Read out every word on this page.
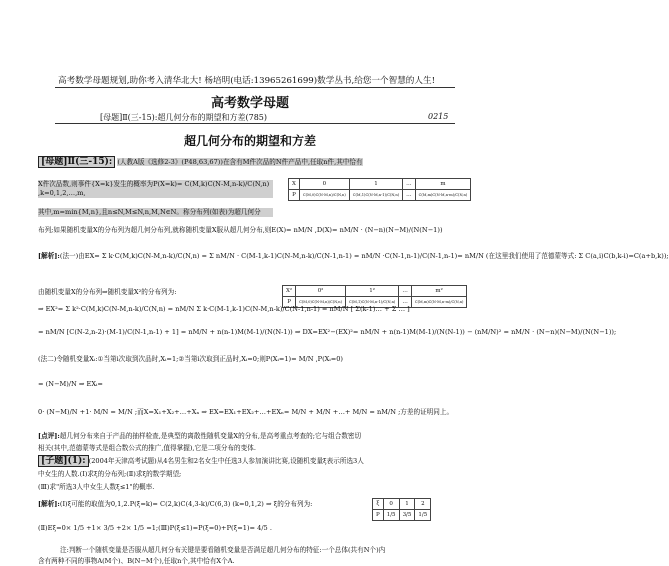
高考数学母题规划,助你考入清华北大! 杨培明(电话:13965261699)数学丛书,给您一个智慧的人生!
高考数学母题
[母题]Ⅱ(三-15):超几何分布的期望和方差(785)	0215
超几何分布的期望和方差
[母题]Ⅱ(三-15): (人教A版《选修2-3》(P48,63,67))在含有M件次品的N件产品中,任取n件,其中恰有
X件次品数,则事件{X=k}发生的概率为P(X=k)= C(M,k)C(N-M,n-k)/C(N,n) ,k=0,1,2,…,m,
其中,m=min{M,n},且n≤N,M≤N,n,M,N∈N。称分布列(如表)为超几何分
布列;如果随机变量X的分布列为超几何分布列,就称随机变量X服从超几何分布,则E(X)= nM/N ,D(X)= nM/N · (N−n)(N−M)/(N(N−1))
X	0	1	…	m
P	C(M,0)C(N-M,n)/C(N,n)	C(M,1)C(N-M,n-1)/C(N,n)	…	C(M,m)C(N-M,n-m)/C(N,n)
[解析]:(法一)由EX= Σ k·C(M,k)C(N-M,n-k)/C(N,n) = Σ nM/N · C(M-1,k-1)C(N-M,n-k)/C(N-1,n-1) = nM/N ·C(N-1,n-1)/C(N-1,n-1)= nM/N (在这里我们使用了范德蒙等式: Σ C(a,i)C(b,k-i)=C(a+b,k));
由随机变量X的分布列⇒随机变量X²的分布列为:	X²	0²	1²	…	m²
P	C(M,0)C(N-M,n)/C(N,n)	C(M,1)C(N-M,n-1)/C(N,n)	…	C(M,m)C(N-M,n-m)/C(N,n)
⇒ EX²= Σ k²·C(M,k)C(N-M,n-k)/C(N,n) = nM/N Σ k·C(M-1,k-1)C(N-M,n-k)/C(N-1,n-1) = nM/N [ Σ(k-1)… + Σ … ]
= nM/N [C(N-2,n-2)·(M-1)/C(N-1,n-1) + 1] = nM/N + n(n-1)M(M-1)/(N(N-1)) ⇒ DX=EX²−(EX)²= nM/N + n(n-1)M(M-1)/(N(N-1)) − (nM/N)² = nM/N · (N−n)(N−M)/(N(N−1));
(法二)令随机变量Xᵢ:①当第i次取到次品时,Xᵢ=1;②当第i次取到正品时,Xᵢ=0;则P(Xᵢ=1)= M/N ,P(Xᵢ=0)
= (N−M)/N ⇒ EXᵢ=
0· (N−M)/N +1· M/N = M/N ;而X=X₁+X₂+…+Xₙ ⇒ EX=EX₁+EX₂+…+EXₙ= M/N + M/N +…+ M/N = nM/N ;方差的证明同上。
[点评]:超几何分布来自于产品的抽样检查,是典型的离散性随机变量X的分布,是高考重点考查的;它与组合数密切
相关(其中,范德蒙等式是组合数公式的推广,值得掌握),它是二项分布的变体.
[子题](1): (2004年天津高考试题)从4名男生和2名女生中任选3人参加演讲比赛,设随机变量ξ表示所选3人
中女生的人数.(Ⅰ)求ξ的分布列;(Ⅱ)求ξ的数学期望;
(Ⅲ)求"所选3人中女生人数ξ≤1"的概率.
[解析]:(Ⅰ)ξ可能的取值为0,1,2.P(ξ=k)= C(2,k)C(4,3-k)/C(6,3) (k=0,1,2) ⇒ ξ的分布列为:
(Ⅱ)Eξ=0× 1/5 +1× 3/5 +2× 1/5 =1;(Ⅲ)P(ξ≤1)=P(ξ=0)+P(ξ=1)= 4/5 .
ξ	0	1	2
P	1/5	3/5	1/5
注:判断一个随机变量是否服从超几何分布关键是要看随机变量是否满足超几何分布的特征:一个总体(共有N个)内
含有两种不同的事物A(M个)、B(N−M个),任取n个,其中恰有X个A.
